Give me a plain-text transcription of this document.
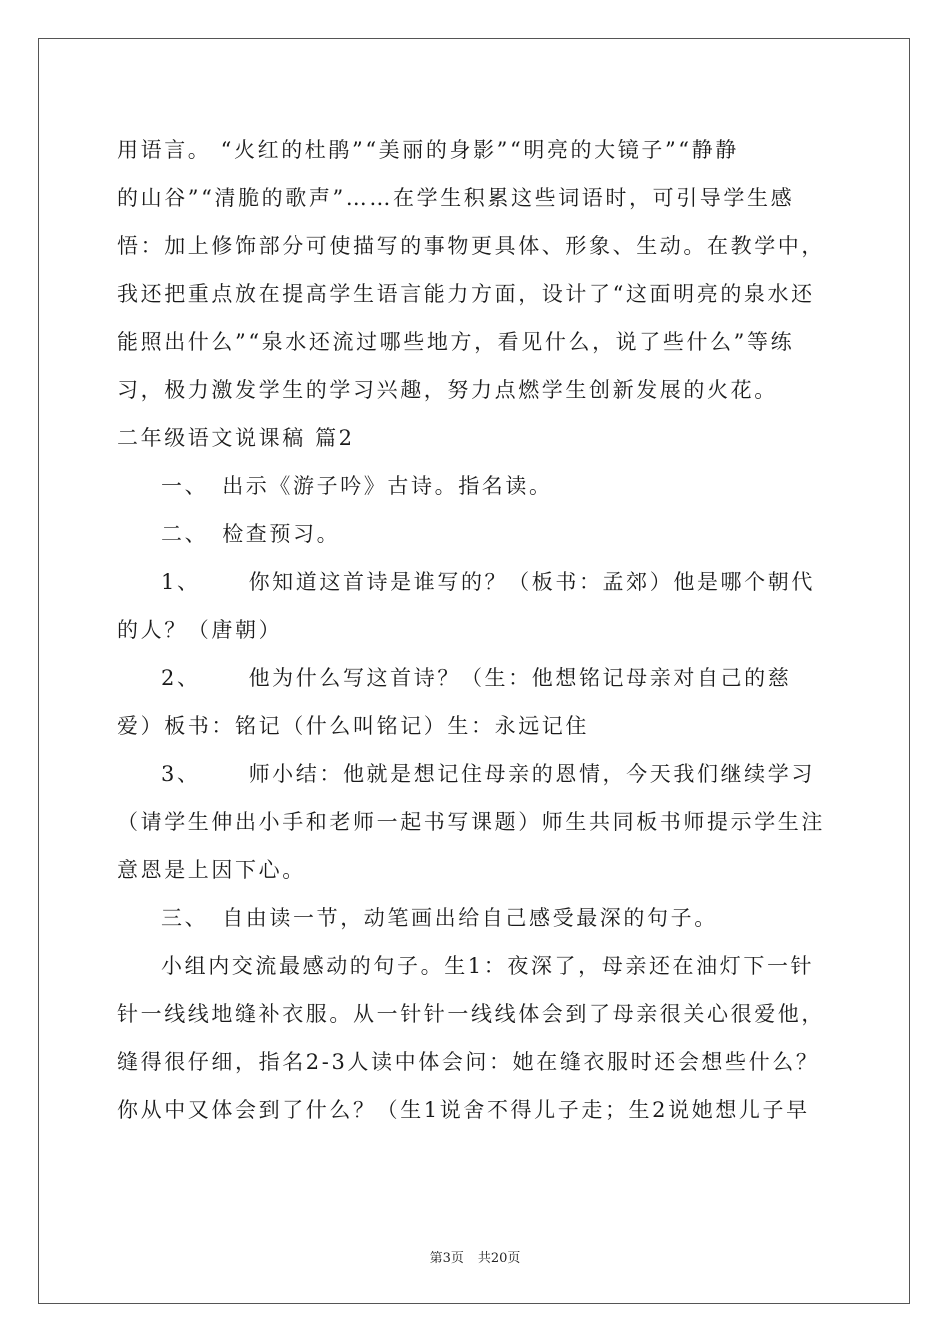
用语言。 “火红的杜鹃”“美丽的身影”“明亮的大镜子”“静静
的山谷”“清脆的歌声”……在学生积累这些词语时，可引导学生感
悟：加上修饰部分可使描写的事物更具体、形象、生动。在教学中，
我还把重点放在提高学生语言能力方面，设计了“这面明亮的泉水还
能照出什么”“泉水还流过哪些地方，看见什么，说了些什么”等练
习，极力激发学生的学习兴趣，努力点燃学生创新发展的火花。
二年级语文说课稿 篇2
一、 出示《游子吟》古诗。指名读。
二、 检查预习。
1、 你知道这首诗是谁写的？（板书：孟郊）他是哪个朝代
的人？（唐朝）
2、 他为什么写这首诗？（生：他想铭记母亲对自己的慈
爱）板书：铭记（什么叫铭记）生：永远记住
3、 师小结：他就是想记住母亲的恩情，今天我们继续学习
（请学生伸出小手和老师一起书写课题）师生共同板书师提示学生注
意恩是上因下心。
三、 自由读一节，动笔画出给自己感受最深的句子。
小组内交流最感动的句子。生1：夜深了，母亲还在油灯下一针
针一线线地缝补衣服。从一针针一线线体会到了母亲很关心很爱他，
缝得很仔细，指名2-3人读中体会问：她在缝衣服时还会想些什么？
你从中又体会到了什么？（生1说舍不得儿子走；生2说她想儿子早
第3页 共20页
